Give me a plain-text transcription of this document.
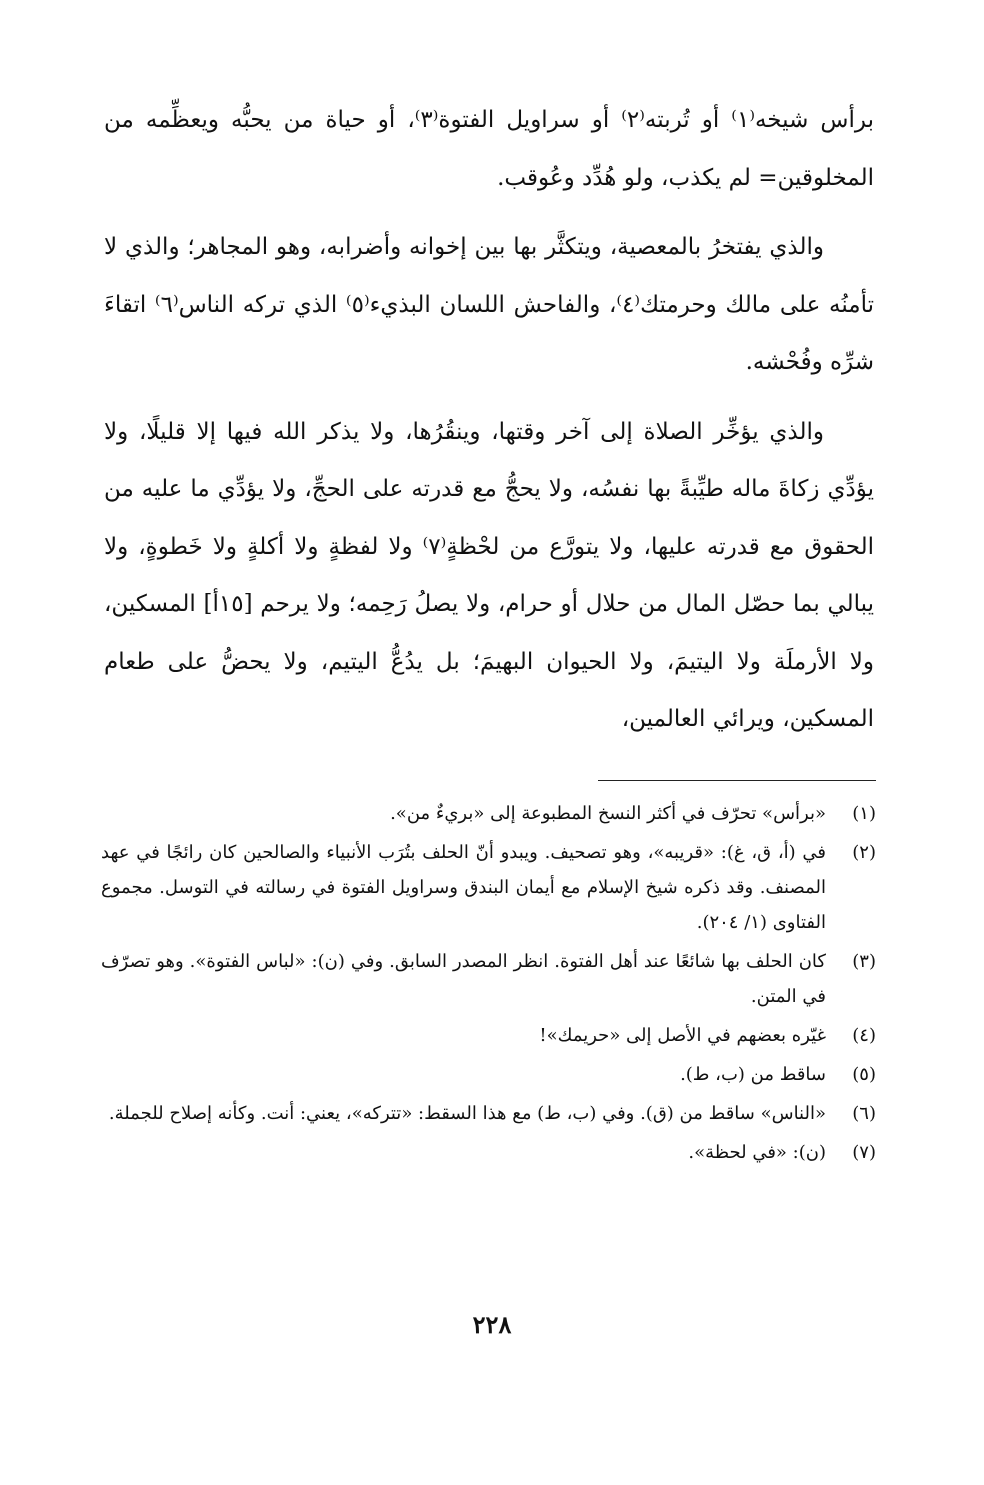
برأس شيخه⁽١⁾ أو تُربته⁽٢⁾ أو سراويل الفتوة⁽٣⁾، أو حياة من يحبُّه ويعظِّمه من المخلوقين= لم يكذب، ولو هُدِّد وعُوقب.

والذي يفتخرُ بالمعصية، ويتكثَّر بها بين إخوانه وأضرابه، وهو المجاهر؛ والذي لا تأمنُه على مالك وحرمتك⁽٤⁾، والفاحش اللسان البذيء⁽٥⁾ الذي تركه الناس⁽٦⁾ اتقاءَ شرِّه وفُحْشه.

والذي يؤخِّر الصلاة إلى آخر وقتها، وينقُرُها، ولا يذكر الله فيها إلا قليلًا، ولا يؤدِّي زكاةَ ماله طيِّبةً بها نفسُه، ولا يحجُّ مع قدرته على الحجِّ، ولا يؤدِّي ما عليه من الحقوق مع قدرته عليها، ولا يتورَّع من لحْظةٍ⁽٧⁾ ولا لفظةٍ ولا أكلةٍ ولا خَطوةٍ، ولا يبالي بما حصّل المال من حلال أو حرام، ولا يصلُ رَحِمه؛ ولا يرحم [١٥أ] المسكين، ولا الأرملَة ولا اليتيمَ، ولا الحيوان البهيمَ؛ بل يدُعُّ اليتيم، ولا يحضُّ على طعام المسكين، ويرائي العالمين،

(١)
«برأس» تحرّف في أكثر النسخ المطبوعة إلى «بريءٌ من».
(٢)
في (أ، ق، غ): «قريبه»، وهو تصحيف. ويبدو أنّ الحلف بتُرَب الأنبياء والصالحين كان رائجًا في عهد المصنف. وقد ذكره شيخ الإسلام مع أيمان البندق وسراويل الفتوة في رسالته في التوسل. مجموع الفتاوى (١/ ٢٠٤).
(٣)
كان الحلف بها شائعًا عند أهل الفتوة. انظر المصدر السابق. وفي (ن): «لباس الفتوة». وهو تصرّف في المتن.
(٤)
غيّره بعضهم في الأصل إلى «حريمك»!
(٥)
ساقط من (ب، ط).
(٦)
«الناس» ساقط من (ق). وفي (ب، ط) مع هذا السقط: «تتركه»، يعني: أنت. وكأنه إصلاح للجملة.
(٧)
(ن): «في لحظة».
٢٢٨
